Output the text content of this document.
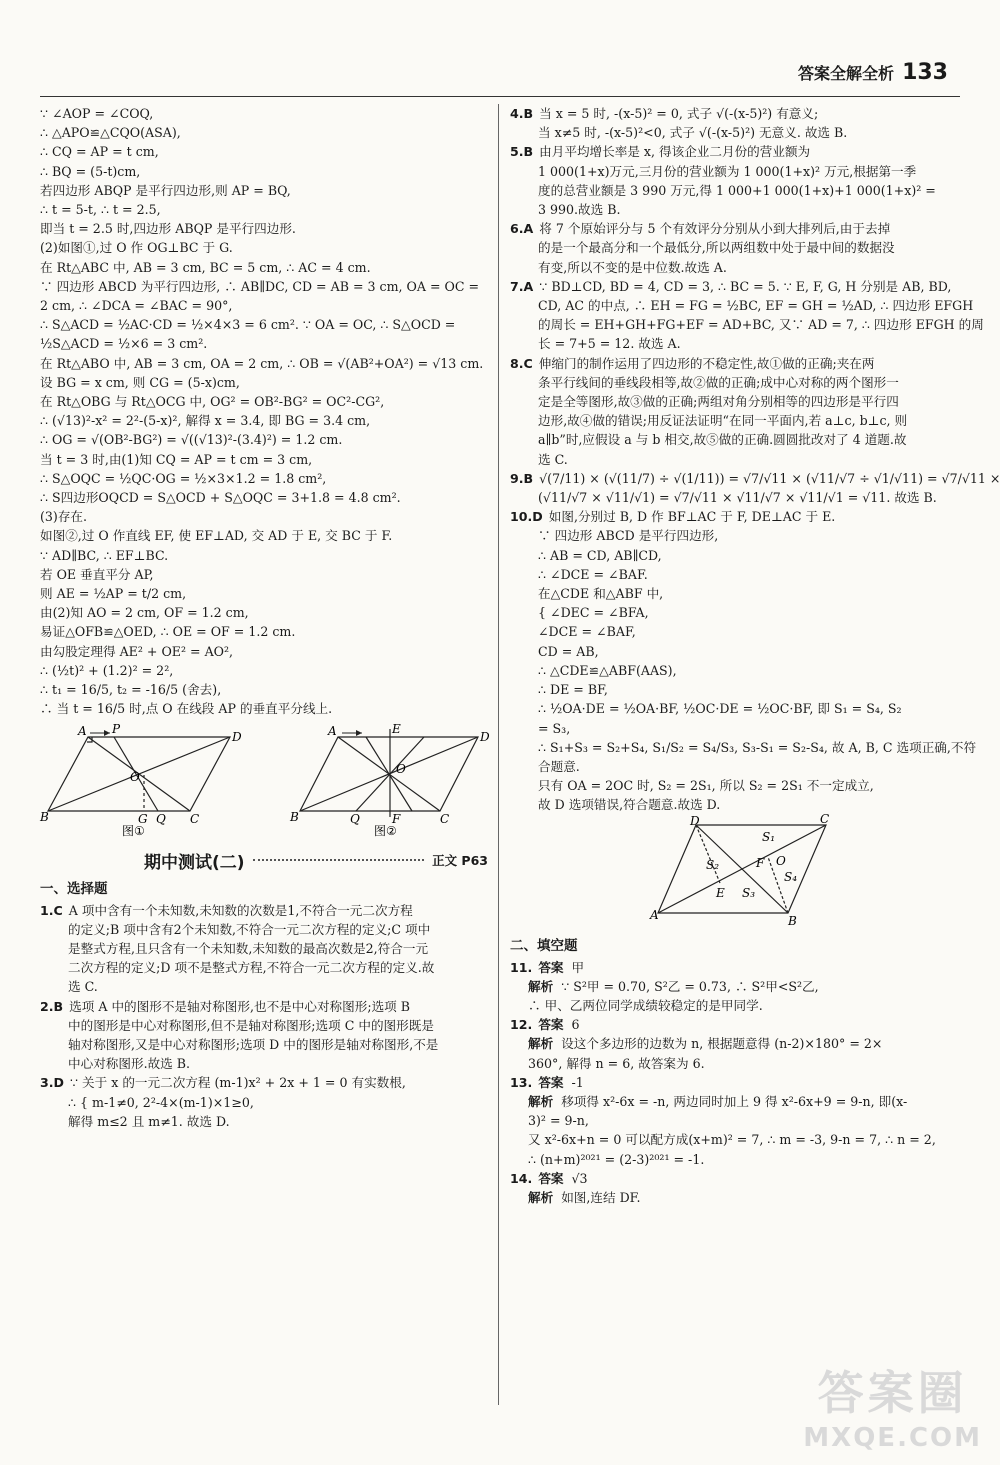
答案全解全析 133
∵ ∠AOP = ∠COQ,
∴ △APO≌△CQO(ASA),
∴ CQ = AP = t cm,
∴ BQ = (5-t)cm,
若四边形 ABQP 是平行四边形,则 AP = BQ,
∴ t = 5-t, ∴ t = 2.5,
即当 t = 2.5 时,四边形 ABQP 是平行四边形.
(2)如图①,过 O 作 OG⊥BC 于 G.
在 Rt△ABC 中, AB = 3 cm, BC = 5 cm, ∴ AC = 4 cm.
∵ 四边形 ABCD 为平行四边形, ∴ AB∥DC, CD = AB = 3 cm, OA = OC =
2 cm, ∴ ∠DCA = ∠BAC = 90°,
∴ S△ACD = ½AC·CD = ½×4×3 = 6 cm². ∵ OA = OC, ∴ S△OCD =
½S△ACD = ½×6 = 3 cm².
在 Rt△ABO 中, AB = 3 cm, OA = 2 cm, ∴ OB = √(AB²+OA²) = √13 cm.
设 BG = x cm, 则 CG = (5-x)cm,
在 Rt△OBG 与 Rt△OCG 中, OG² = OB²-BG² = OC²-CG²,
∴ (√13)²-x² = 2²-(5-x)², 解得 x = 3.4, 即 BG = 3.4 cm,
∴ OG = √(OB²-BG²) = √((√13)²-(3.4)²) = 1.2 cm.
当 t = 3 时,由(1)知 CQ = AP = t cm = 3 cm,
∴ S△OQC = ½QC·OG = ½×3×1.2 = 1.8 cm²,
∴ S四边形OQCD = S△OCD + S△OQC = 3+1.8 = 4.8 cm².
(3)存在.
如图②,过 O 作直线 EF, 使 EF⊥AD, 交 AD 于 E, 交 BC 于 F.
∵ AD∥BC, ∴ EF⊥BC.
若 OE 垂直平分 AP,
则 AE = ½AP = t/2 cm,
由(2)知 AO = 2 cm, OF = 1.2 cm,
易证△OFB≌△OED, ∴ OE = OF = 1.2 cm.
由勾股定理得 AE² + OE² = AO²,
∴ (½t)² + (1.2)² = 2²,
∴ t₁ = 16/5, t₂ = -16/5 (舍去),
∴ 当 t = 16/5 时,点 O 在线段 AP 的垂直平分线上.
A P
D
O
B	G Q C
图①
A	E
D
O
B	Q	F	C
图②
期中测试(二)	正文 P63
一、选择题
1.C A 项中含有一个未知数,未知数的次数是1,不符合一元二次方程
的定义;B 项中含有2个未知数,不符合一元二次方程的定义;C 项中
是整式方程,且只含有一个未知数,未知数的最高次数是2,符合一元
二次方程的定义;D 项不是整式方程,不符合一元二次方程的定义.故
选 C.
2.B 选项 A 中的图形不是轴对称图形,也不是中心对称图形;选项 B
中的图形是中心对称图形,但不是轴对称图形;选项 C 中的图形既是
轴对称图形,又是中心对称图形;选项 D 中的图形是轴对称图形,不是
中心对称图形.故选 B.
3.D ∵ 关于 x 的一元二次方程 (m-1)x² + 2x + 1 = 0 有实数根,
∴ { m-1≠0, 2²-4×(m-1)×1≥0,
解得 m≤2 且 m≠1. 故选 D.
4.B 当 x = 5 时, -(x-5)² = 0, 式子 √(-(x-5)²) 有意义;
当 x≠5 时, -(x-5)²<0, 式子 √(-(x-5)²) 无意义. 故选 B.
5.B 由月平均增长率是 x, 得该企业二月份的营业额为
1 000(1+x)万元,三月份的营业额为 1 000(1+x)² 万元,根据第一季
度的总营业额是 3 990 万元,得 1 000+1 000(1+x)+1 000(1+x)² =
3 990.故选 B.
6.A 将 7 个原始评分与 5 个有效评分分别从小到大排列后,由于去掉
的是一个最高分和一个最低分,所以两组数中处于最中间的数据没
有变,所以不变的是中位数.故选 A.
7.A ∵ BD⊥CD, BD = 4, CD = 3, ∴ BC = 5. ∵ E, F, G, H 分别是 AB, BD,
CD, AC 的中点, ∴ EH = FG = ½BC, EF = GH = ½AD, ∴ 四边形 EFGH
的周长 = EH+GH+FG+EF = AD+BC, 又∵ AD = 7, ∴ 四边形 EFGH 的周
长 = 7+5 = 12. 故选 A.
8.C 伸缩门的制作运用了四边形的不稳定性,故①做的正确;夹在两
条平行线间的垂线段相等,故②做的正确;成中心对称的两个图形一
定是全等图形,故③做的正确;两组对角分别相等的四边形是平行四
边形,故④做的错误;用反证法证明“在同一平面内,若 a⊥c, b⊥c, 则
a∥b”时,应假设 a 与 b 相交,故⑤做的正确.圆圆批改对了 4 道题.故
选 C.
9.B √(7/11) × (√(11/7) ÷ √(1/11)) = √7/√11 × (√11/√7 ÷ √1/√11) = √7/√11 ×
(√11/√7 × √11/√1) = √7/√11 × √11/√7 × √11/√1 = √11. 故选 B.
10.D 如图,分别过 B, D 作 BF⊥AC 于 F, DE⊥AC 于 E.
∵ 四边形 ABCD 是平行四边形,
∴ AB = CD, AB∥CD,
∴ ∠DCE = ∠BAF.
在△CDE 和△ABF 中,
{ ∠DEC = ∠BFA,
∠DCE = ∠BAF,
CD = AB,
∴ △CDE≌△ABF(AAS),
∴ DE = BF,
∴ ½OA·DE = ½OA·BF, ½OC·DE = ½OC·BF, 即 S₁ = S₄, S₂
= S₃,
∴ S₁+S₃ = S₂+S₄, S₁/S₂ = S₄/S₃, S₃-S₁ = S₂-S₄, 故 A, B, C 选项正确,不符
合题意.
只有 OA = 2OC 时, S₂ = 2S₁, 所以 S₂ = 2S₁ 不一定成立,
故 D 选项错误,符合题意.故选 D.
D	C
S₁
O
S₂	F
S₄
E S₃
A	B
二、填空题
11. 答案 甲
解析 ∵ S²甲 = 0.70, S²乙 = 0.73, ∴ S²甲<S²乙,
∴ 甲、乙两位同学成绩较稳定的是甲同学.
12. 答案 6
解析 设这个多边形的边数为 n, 根据题意得 (n-2)×180° = 2×
360°, 解得 n = 6, 故答案为 6.
13. 答案 -1
解析 移项得 x²-6x = -n, 两边同时加上 9 得 x²-6x+9 = 9-n, 即(x-
3)² = 9-n,
又 x²-6x+n = 0 可以配方成(x+m)² = 7, ∴ m = -3, 9-n = 7, ∴ n = 2,
∴ (n+m)²⁰²¹ = (2-3)²⁰²¹ = -1.
14. 答案 √3
解析 如图,连结 DF.
答案圈
MXQE.COM
